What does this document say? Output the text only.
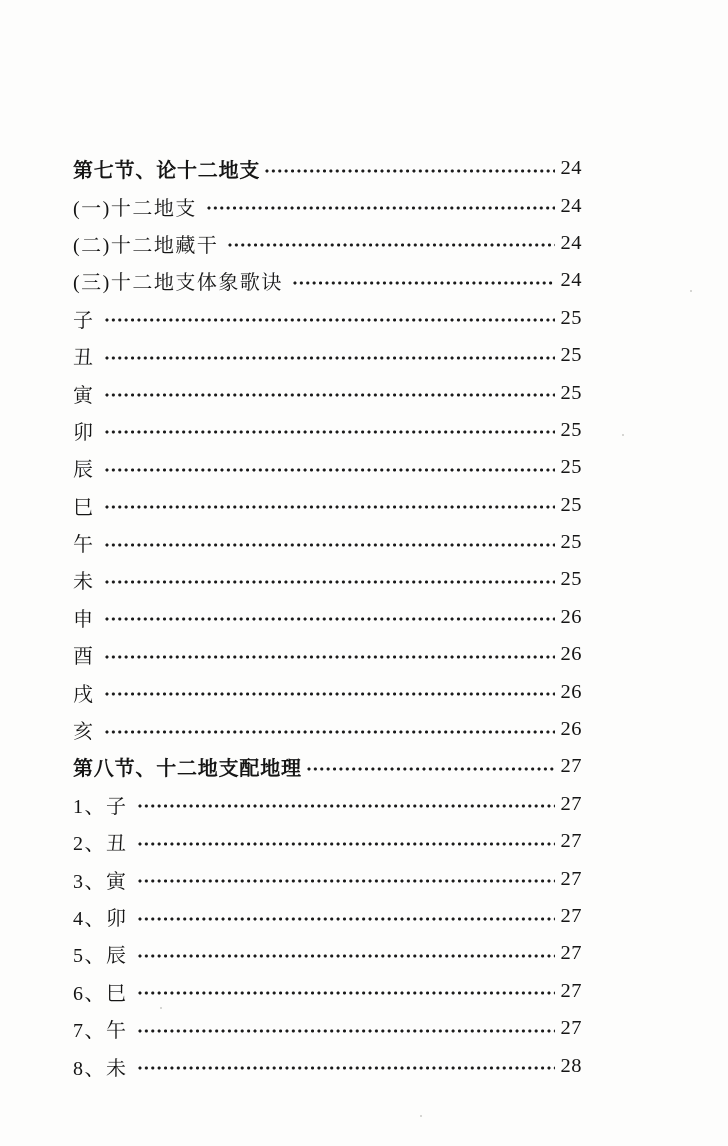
第七节、论十二地支	24
(一)十二地支	24
(二)十二地藏干	24
(三)十二地支体象歌诀	24
子	25
丑	25
寅	25
卯	25
辰	25
巳	25
午	25
未	25
申	26
酉	26
戌	26
亥	26
第八节、十二地支配地理	27
1、子	27
2、丑	27
3、寅	27
4、卯	27
5、辰	27
6、巳	27
7、午	27
8、未	28
